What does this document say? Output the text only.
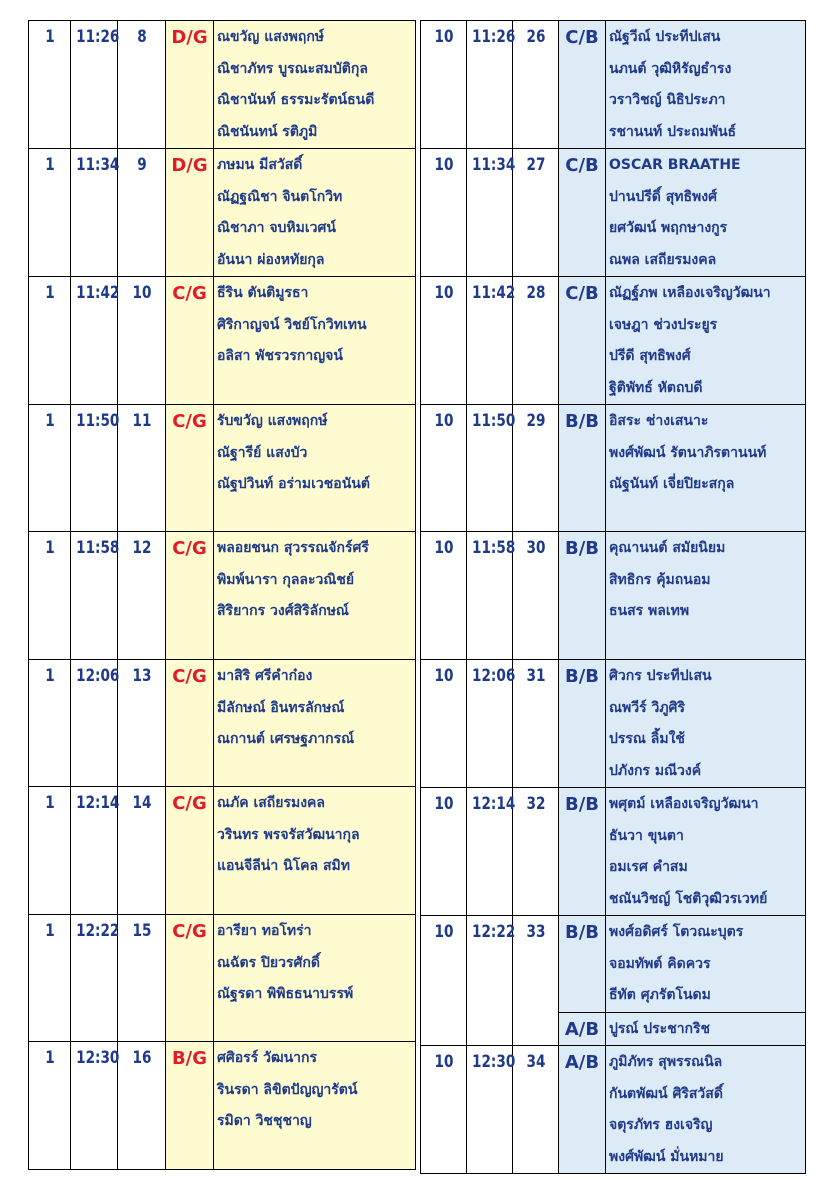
1	11:26	8	D/G	ณขวัญ แสงพฤกษ์
ณิชาภัทร บูรณะสมบัติกุล
ณิชานันท์ ธรรมะรัตน์ธนดี
ณิชนันทน์ รติภูมิ

1	11:34	9	D/G	ภษมน มีสวัสดิ์
ณัฏฐณิชา จินตโกวิท
ณิชาภา จบหิมเวศน์
อันนา ผ่องหทัยกุล

1	11:42	10	C/G	ธีริน ตันติมูรธา
ศิริกาญจน์ วิชย์โกวิทเทน
อลิสา พัชรวรกาญจน์

1	11:50	11	C/G	รับขวัญ แสงพฤกษ์
ณัฐารีย์ แสงบัว
ณัฐปวินท์ อร่ามเวชอนันต์

1	11:58	12	C/G	พลอยชนก สุวรรณจักร์ศรี
พิมพ์นารา กุลละวณิชย์
สิริยากร วงศ์สิริลักษณ์

1	12:06	13	C/G	มาสิริ ศรีคำก๋อง
มีลักษณ์ อินทรลักษณ์
ณกานต์ เศรษฐภากรณ์

1	12:14	14	C/G	ณภัค เสถียรมงคล
วรินทร พรจรัสวัฒนากุล
แอนจีลีน่า นิโคล สมิท

1	12:22	15	C/G	อารียา ทอโทร่า
ณฉัตร ปิยวรศักดิ์
ณัฐรดา พิพิธธนาบรรพ์

1	12:30	16	B/G	ศศิอรร์ วัฒนากร
รินรดา ลิขิตปัญญารัตน์
รมิดา วิชชุชาญ
10	11:26	26	C/B	ณัฐวีณ์ ประทีปเสน
นภนต์ วุฒิหิรัญธำรง
วราวิชญ์ นิธิประภา
รชานนท์ ประถมพันธ์

10	11:34	27	C/B	OSCAR BRAATHE
ปานปรีดิ์ สุทธิพงศ์
ยศวัฒน์ พฤกษางกูร
ณพล เสถียรมงคล

10	11:42	28	C/B	ณัฏฐ์ภพ เหลืองเจริญวัฒนา
เจษฎา ช่วงประยูร
ปรีดี สุทธิพงศ์
ฐิติพัทธ์ หัตถบดี

10	11:50	29	B/B	อิสระ ช่างเสนาะ
พงศ์พัฒน์ รัตนาภิรตานนท์
ณัฐนันท์ เจี่ยปิยะสกุล

10	11:58	30	B/B	คุณานนต์ สมัยนิยม
สิทธิกร คุ้มถนอม
ธนสร พลเทพ

10	12:06	31	B/B	ศิวกร ประทีปเสน
ณพวีร์ วิภูศิริ
ปรรณ ลิ้มใช้
ปภังกร มณีวงค์

10	12:14	32	B/B	พศุตม์ เหลืองเจริญวัฒนา
ธันวา ขุนตา
อมเรศ คำสม
ชณันวิชญ์ โชติวุฒิวรเวทย์

10	12:22	33	B/B	พงศ์อดิศร์ โตวณะบุตร
จอมทัพต์ คิดควร
ธีทัต ศุภรัตโนดม

			A/B	ปูรณ์ ประชากริช

10	12:30	34	A/B	ภูมิภัทร สุพรรณนิล
กันตพัฒน์ ศิริสวัสดิ์
จตุรภัทร ฮงเจริญ
พงศ์พัฒน์ มั่นหมาย
